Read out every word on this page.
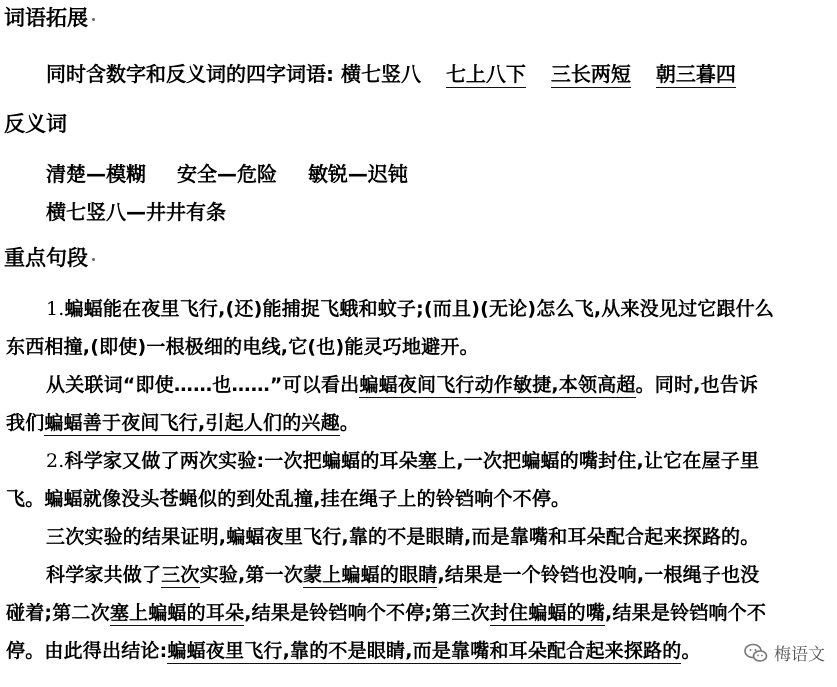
词语拓展
同时含数字和反义词的四字词语: 横七竖八 七上八下 三长两短 朝三暮四
反义词
清楚—模糊 安全—危险 敏锐—迟钝
横七竖八—井井有条
重点句段
1.蝙蝠能在夜里飞行,(还)能捕捉飞蛾和蚊子;(而且)(无论)怎么飞,从来没见过它跟什么
东西相撞,(即使)一根极细的电线,它(也)能灵巧地避开。
从关联词“即使……也……”可以看出蝙蝠夜间飞行动作敏捷,本领高超。同时,也告诉
我们蝙蝠善于夜间飞行,引起人们的兴趣。
2.科学家又做了两次实验:一次把蝙蝠的耳朵塞上,一次把蝙蝠的嘴封住,让它在屋子里
飞。蝙蝠就像没头苍蝇似的到处乱撞,挂在绳子上的铃铛响个不停。
三次实验的结果证明,蝙蝠夜里飞行,靠的不是眼睛,而是靠嘴和耳朵配合起来探路的。
科学家共做了三次实验,第一次蒙上蝙蝠的眼睛,结果是一个铃铛也没响,一根绳子也没
碰着;第二次塞上蝙蝠的耳朵,结果是铃铛响个不停;第三次封住蝙蝠的嘴,结果是铃铛响个不
停。由此得出结论:蝙蝠夜里飞行,靠的不是眼睛,而是靠嘴和耳朵配合起来探路的。	梅语文
